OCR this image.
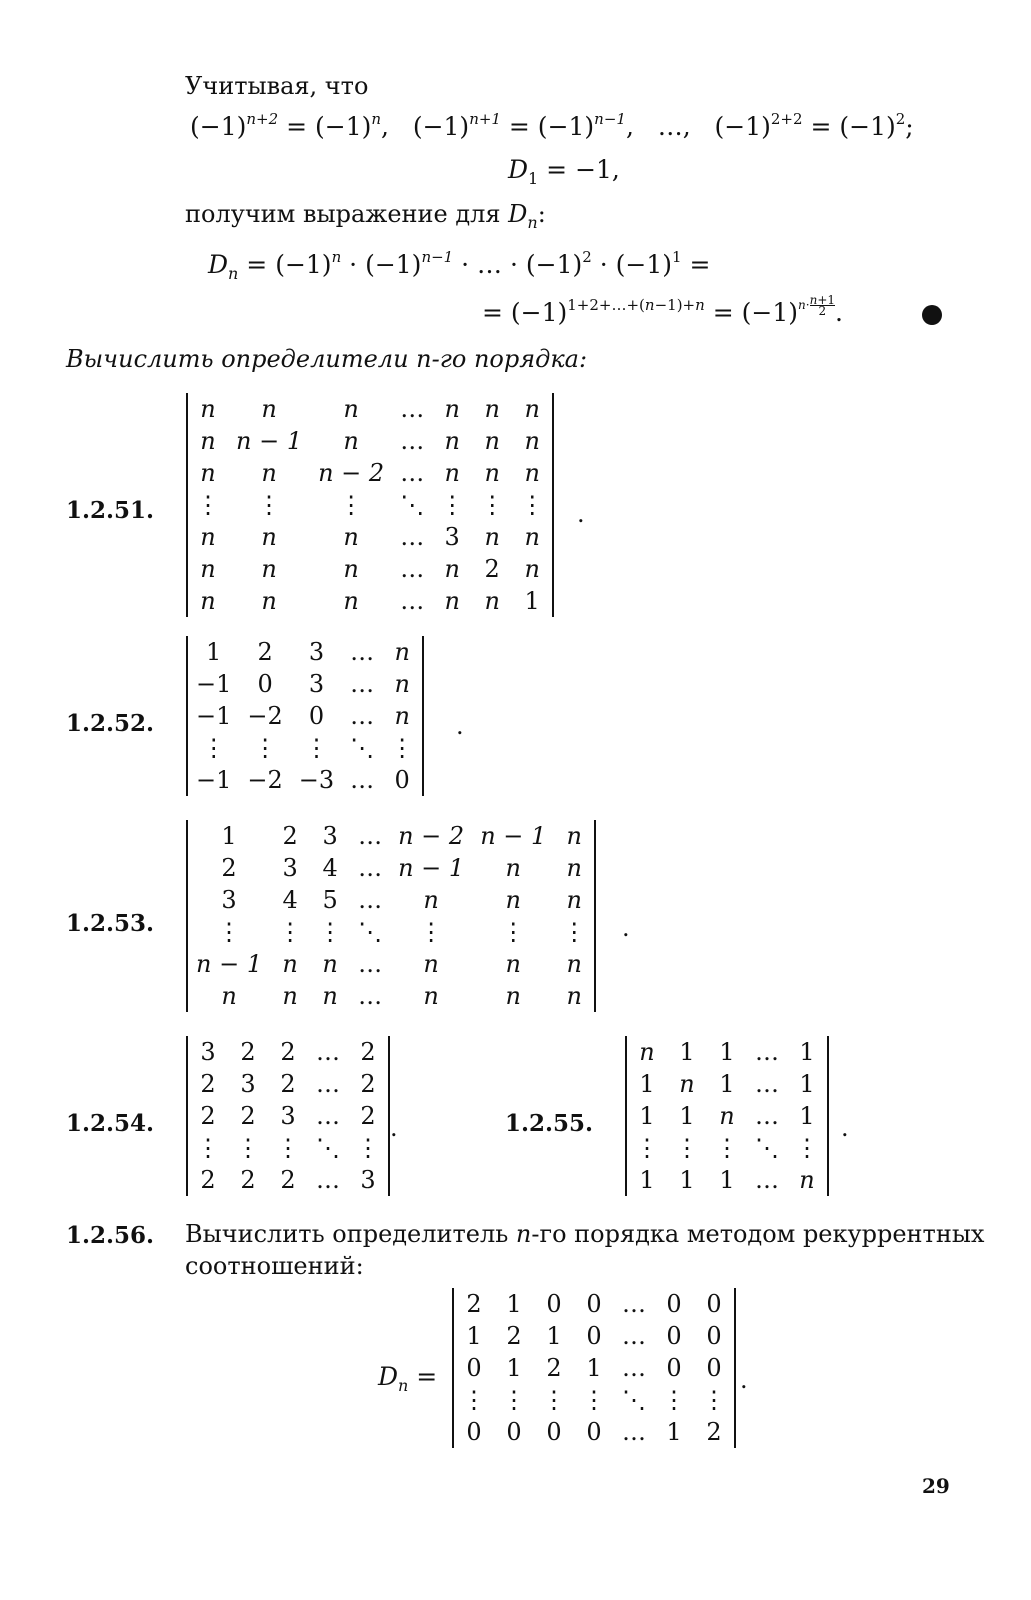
Учитывая, что
$(-1)^{n+2} = (-1)^n$,   $(-1)^{n+1} = (-1)^{n-1}$,   …,   $(-1)^{2+2} = (-1)^2$;
$D_1 = -1$,
получим выражение для $D_n$:
$D_n = (-1)^n \cdot (-1)^{n-1}$ · … · $(-1)^2 \cdot (-1)^1$ =
= $(-1)^{1+2+\dots+(n-1)+n} = (-1)^{n\cdot \frac{n+1}{2}}$ .
Вычислить определители n-го порядка:
1.2.51.
n	n	n	…	n	n	n
n	n − 1	n	…	n	n	n
n	n	n − 2	…	n	n	n
⋮	⋮	⋮	⋱	⋮	⋮	⋮
n	n	n	…	3	n	n
n	n	n	…	n	2	n
n	n	n	…	n	n	1
.
1.2.52.
1	2	3	…	n
−1	0	3	…	n
−1	−2	0	…	n
⋮	⋮	⋮	⋱	⋮
−1	−2	−3	…	0
.
1.2.53.
1	2	3	…	n − 2	n − 1	n
2	3	4	…	n − 1	n	n
3	4	5	…	n	n	n
⋮	⋮	⋮	⋱	⋮	⋮	⋮
n − 1	n	n	…	n	n	n
n	n	n	…	n	n	n
.
1.2.54.
3	2	2	…	2
2	3	2	…	2
2	2	3	…	2
⋮	⋮	⋮	⋱	⋮
2	2	2	…	3
.	1.2.55.
n	1	1	…	1
1	n	1	…	1
1	1	n	…	1
⋮	⋮	⋮	⋱	⋮
1	1	1	…	n
.
1.2.56. Вычислить определитель n-го порядка методом рекуррентных
соотношений:
$D_n$ =
2	1	0	0	…	0	0
1	2	1	0	…	0	0
0	1	2	1	…	0	0
⋮	⋮	⋮	⋮	⋱	⋮	⋮
0	0	0	0	…	1	2
.
29
